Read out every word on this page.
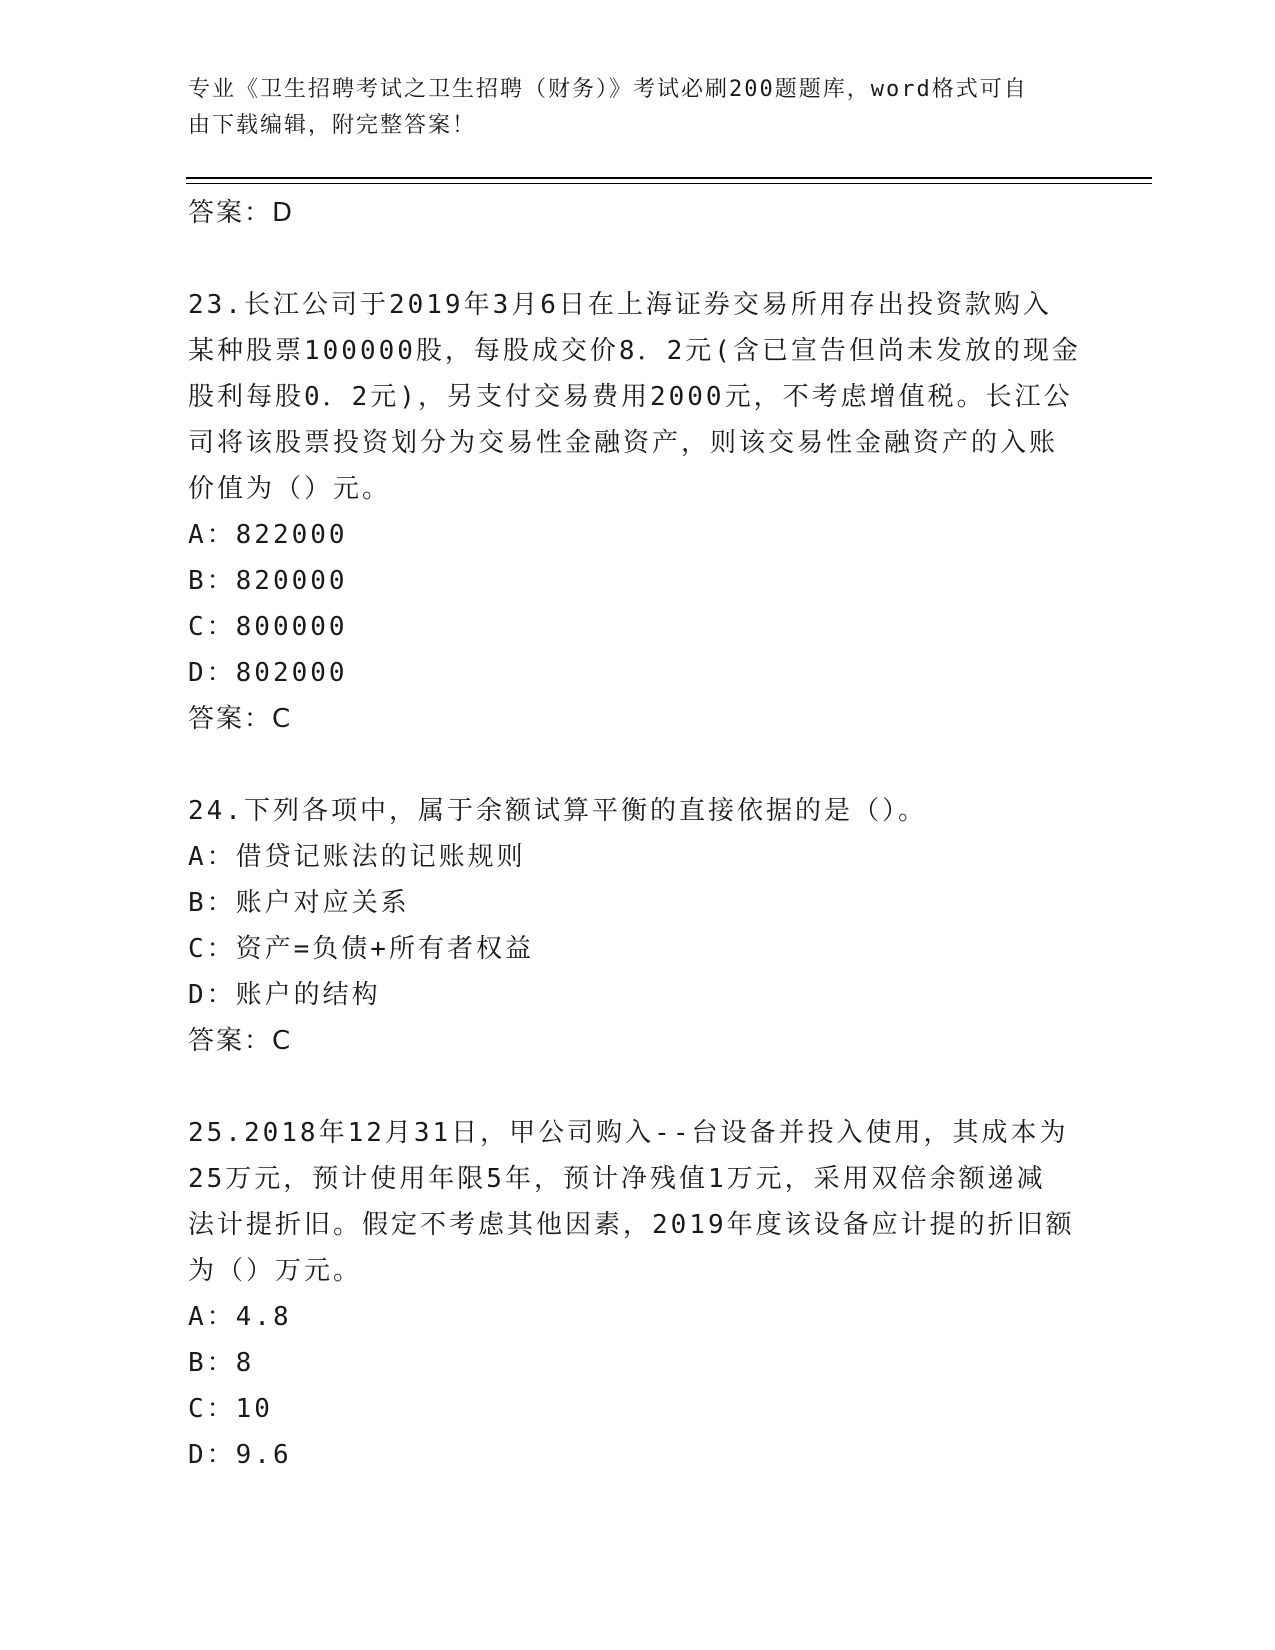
专业《卫生招聘考试之卫生招聘（财务）》考试必刷200题题库，word格式可自
由下载编辑，附完整答案！

答案：D

23.长江公司于2019年3月6日在上海证券交易所用存出投资款购入

某种股票100000股，每股成交价8．2元(含已宣告但尚未发放的现金

股利每股0．2元)，另支付交易费用2000元，不考虑增值税。长江公

司将该股票投资划分为交易性金融资产，则该交易性金融资产的入账

价值为（）元。

A：822000

B：820000

C：800000

D：802000

答案：C

24.下列各项中，属于余额试算平衡的直接依据的是（）。

A：借贷记账法的记账规则

B：账户对应关系

C：资产=负债+所有者权益

D：账户的结构

答案：C

25.2018年12月31日，甲公司购入--台设备并投入使用，其成本为

25万元，预计使用年限5年，预计净残值1万元，采用双倍余额递减

法计提折旧。假定不考虑其他因素，2019年度该设备应计提的折旧额

为（）万元。

A：4.8

B：8

C：10

D：9.6
